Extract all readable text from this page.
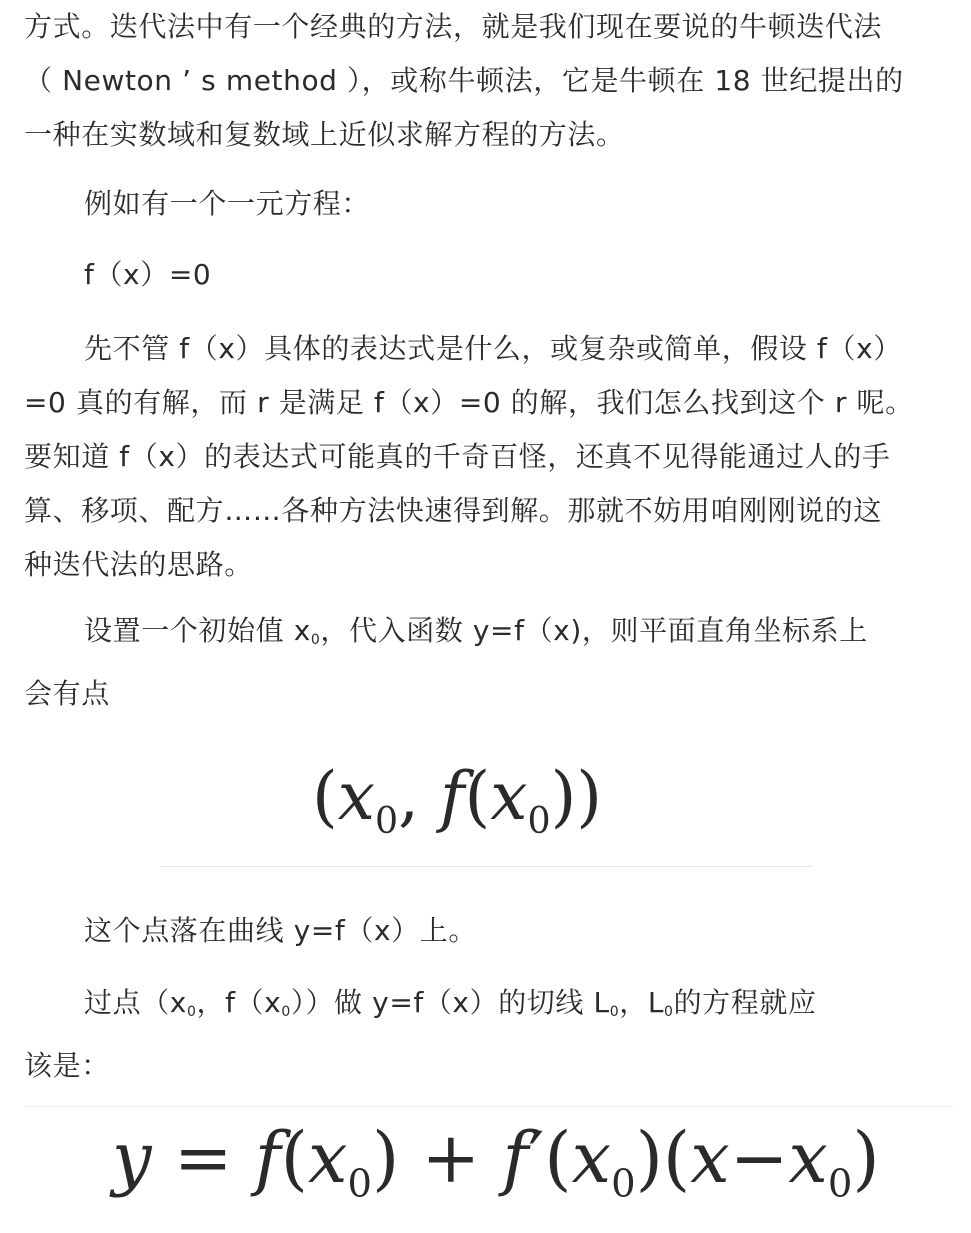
方式。迭代法中有一个经典的方法，就是我们现在要说的牛顿迭代法
（ Newton ’ s method ），或称牛顿法，它是牛顿在 18 世纪提出的
一种在实数域和复数域上近似求解方程的方法。

例如有一个一元方程：

f（x）=0

先不管 f（x）具体的表达式是什么，或复杂或简单，假设 f（x）
=0 真的有解，而 r 是满足 f（x）=0 的解，我们怎么找到这个 r 呢。
要知道 f（x）的表达式可能真的千奇百怪，还真不见得能通过人的手
算、移项、配方……各种方法快速得到解。那就不妨用咱刚刚说的这
种迭代法的思路。

设置一个初始值 $x_0$，代入函数 y=f（x)，则平面直角坐标系上
会有点

($x_0$, $f(x_0)$)

这个点落在曲线 y=f（x）上。

过点（$x_0$，$f(x_0)$）做 y=f（x）的切线 $L_0$，$L_0$的方程就应
该是：

$y = f(x_0) + f'(x_0)(x-x_0)$
